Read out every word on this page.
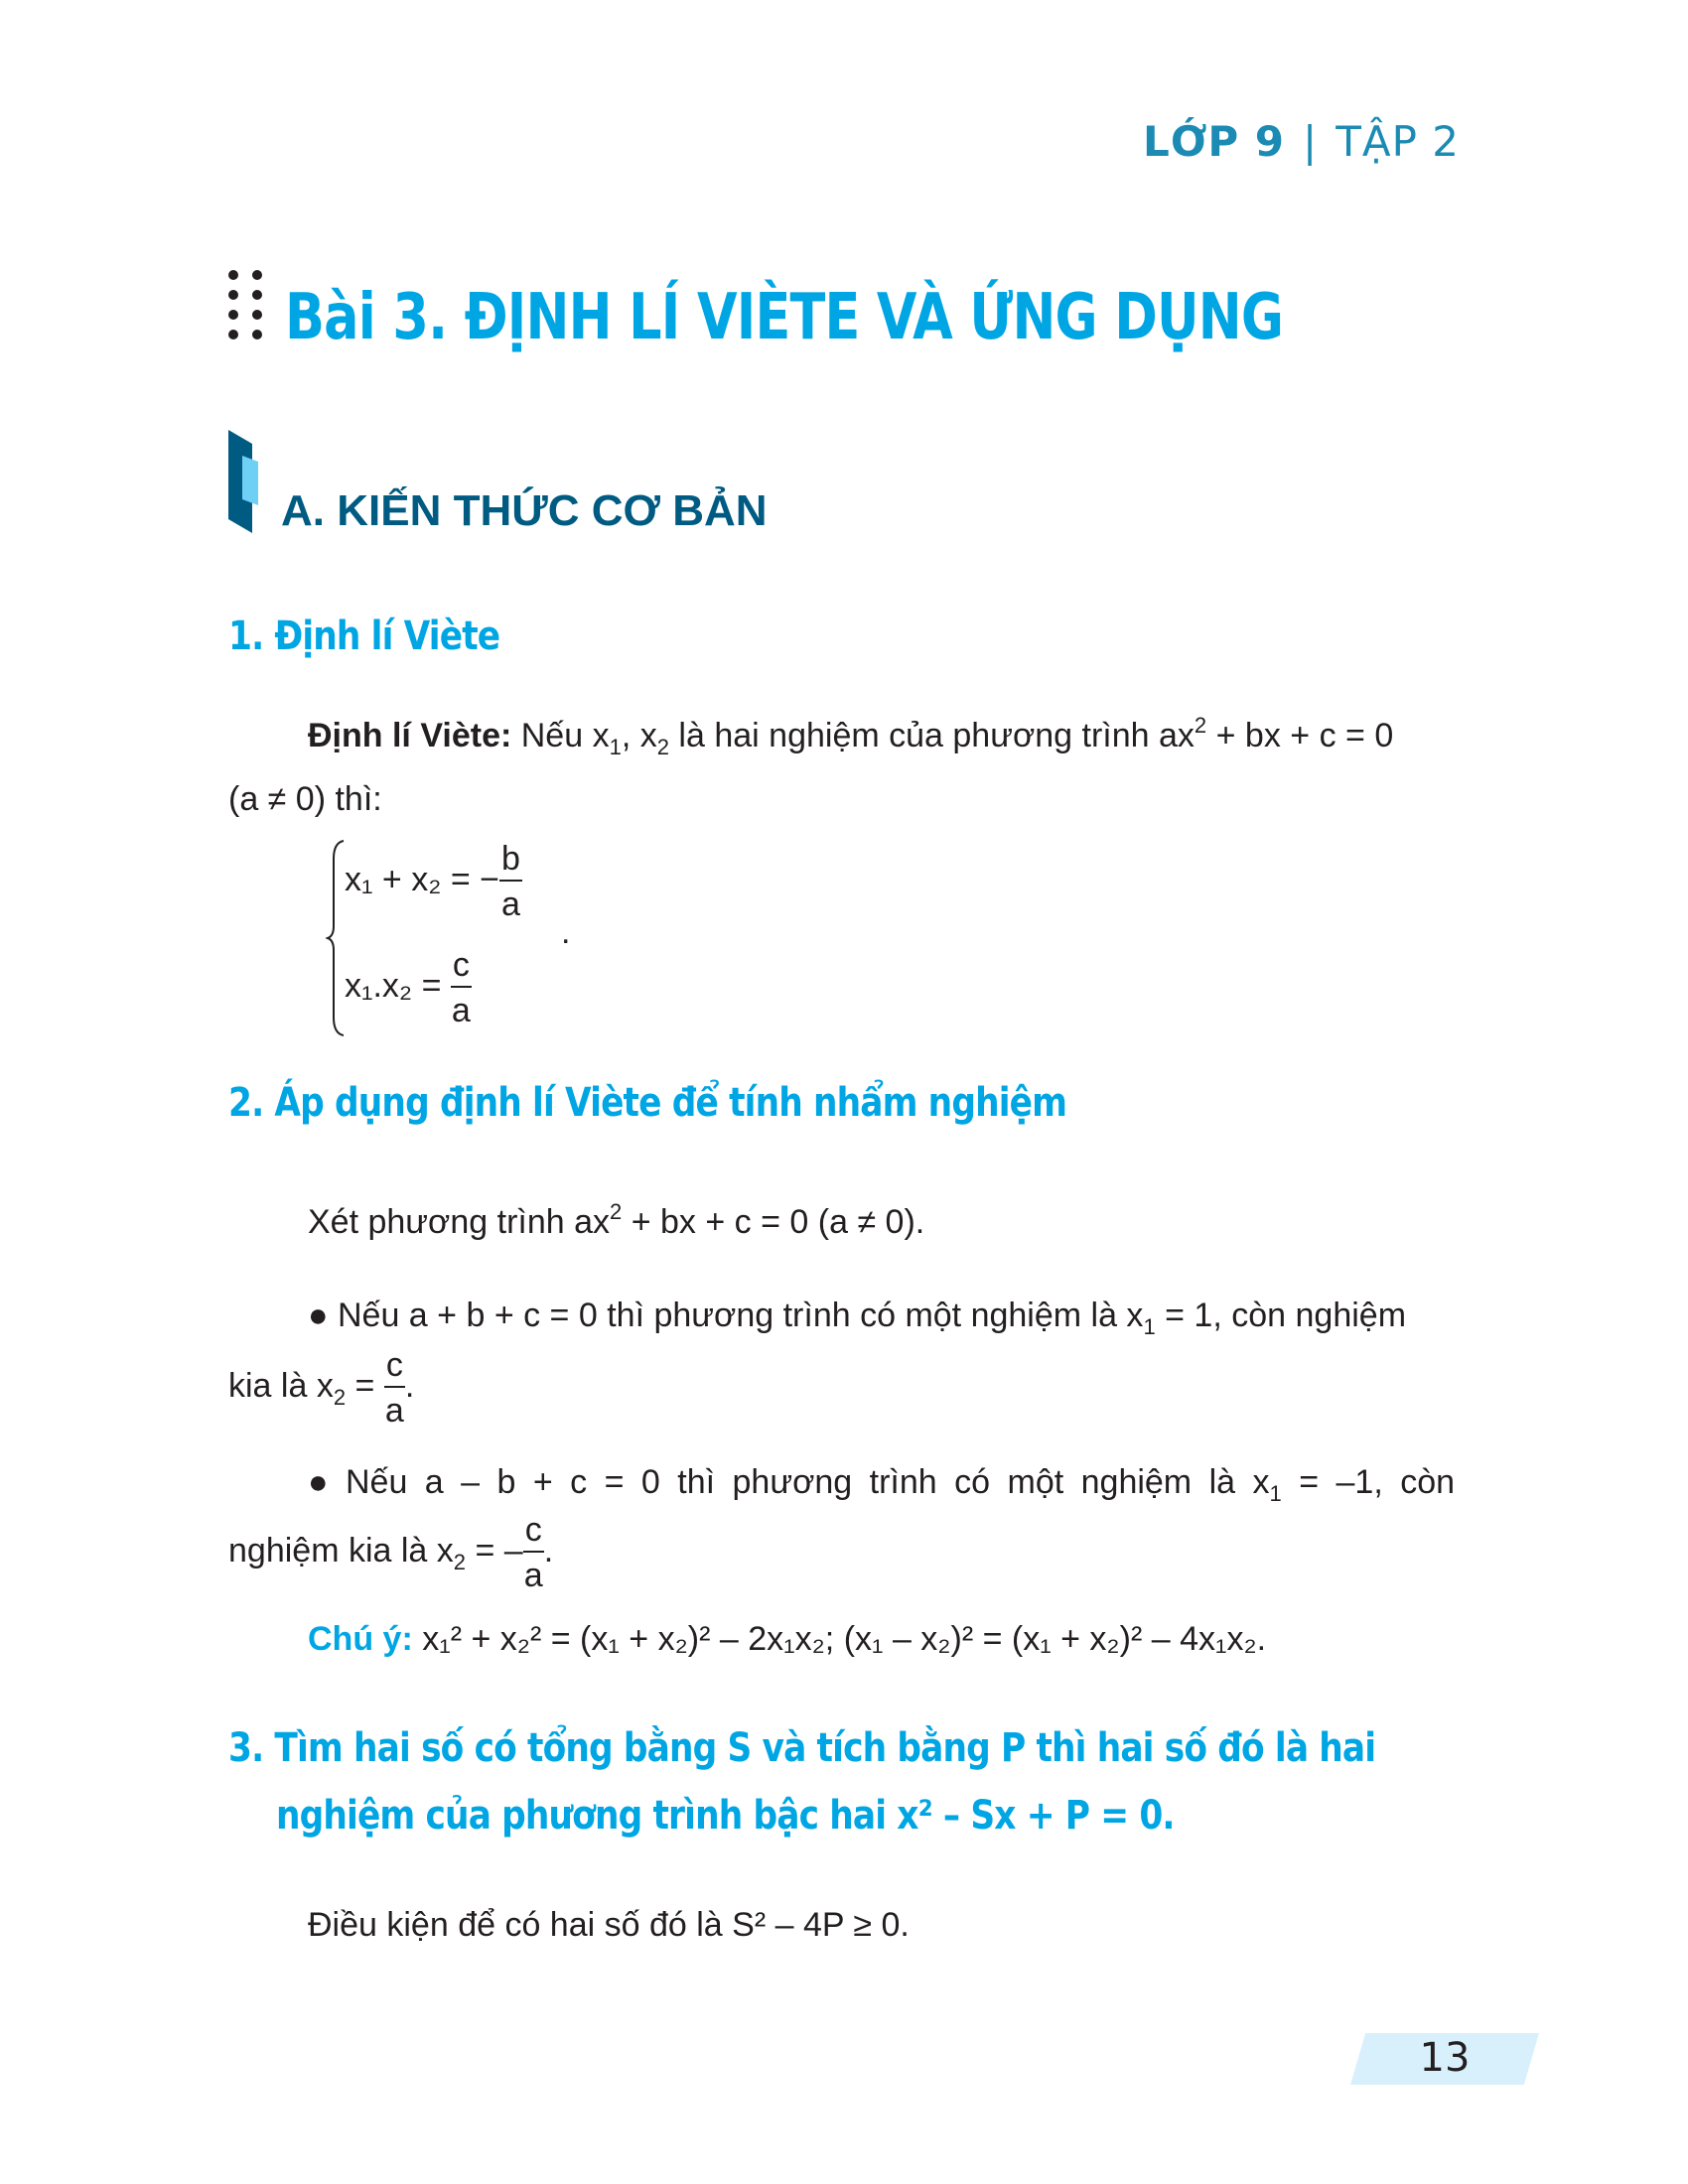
LỚP 9 | TẬP 2
Bài 3. ĐỊNH LÍ VIÈTE VÀ ỨNG DỤNG
A. KIẾN THỨC CƠ BẢN
1. Định lí Viète
Định lí Viète: Nếu $x_1$, $x_2$ là hai nghiệm của phương trình $ax^2$ + bx + c = 0
(a ≠ 0) thì:
x₁ + x₂ = − $\frac{b}{a}$
.
$x_1.x_2 = \frac{c}{a}$
2. Áp dụng định lí Viète để tính nhẩm nghiệm
Xét phương trình $ax^2$ + bx + c = 0 (a ≠ 0).
● Nếu a + b + c = 0 thì phương trình có một nghiệm là $x_1 = 1$, còn nghiệm
kia là $x_2 = \frac{c}{a}$ .
● Nếu a – b + c = 0 thì phương trình có một nghiệm là $x_1 = -1$, còn
nghiệm kia là $x_2$ = – $\frac{c}{a}$ .
Chú ý: x₁² + x₂² = (x₁ + x₂)² – 2x₁x₂; (x₁ – x₂)² = (x₁ + x₂)² – 4x₁x₂.
3. Tìm hai số có tổng bằng S và tích bằng P thì hai số đó là hai
nghiệm của phương trình bậc hai x² – Sx + P = 0.
Điều kiện để có hai số đó là S² – 4P ≥ 0.
13
